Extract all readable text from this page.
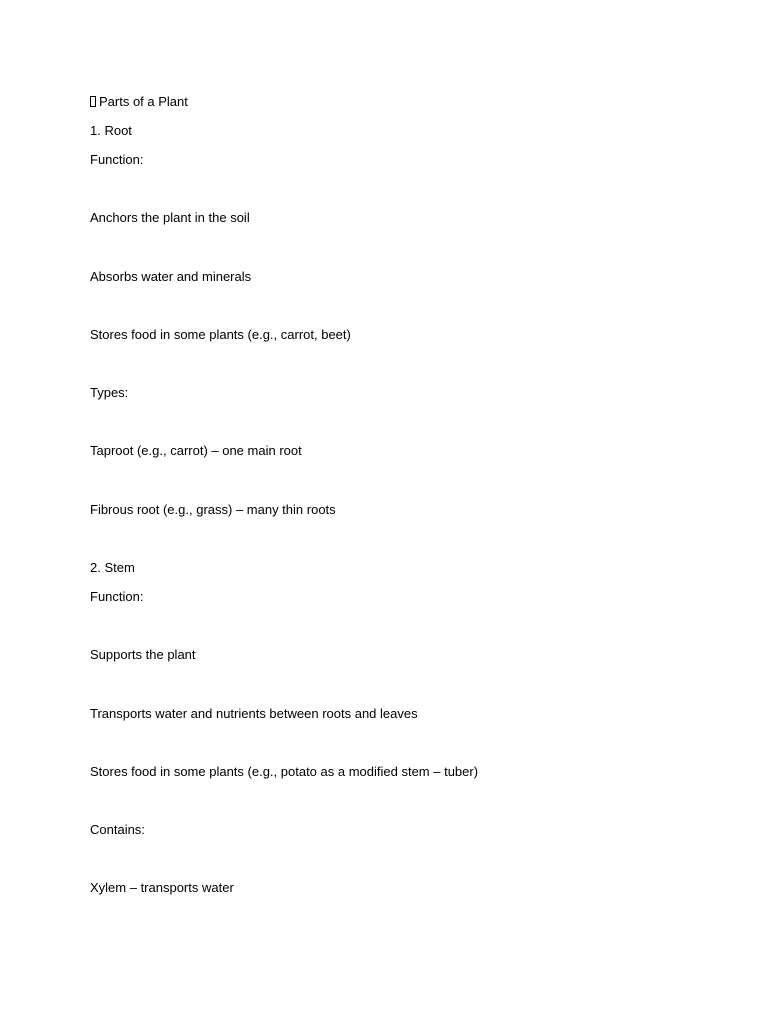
Parts of a Plant
1. Root
Function:
Anchors the plant in the soil
Absorbs water and minerals
Stores food in some plants (e.g., carrot, beet)
Types:
Taproot (e.g., carrot) – one main root
Fibrous root (e.g., grass) – many thin roots
2. Stem
Function:
Supports the plant
Transports water and nutrients between roots and leaves
Stores food in some plants (e.g., potato as a modified stem – tuber)
Contains:
Xylem – transports water
